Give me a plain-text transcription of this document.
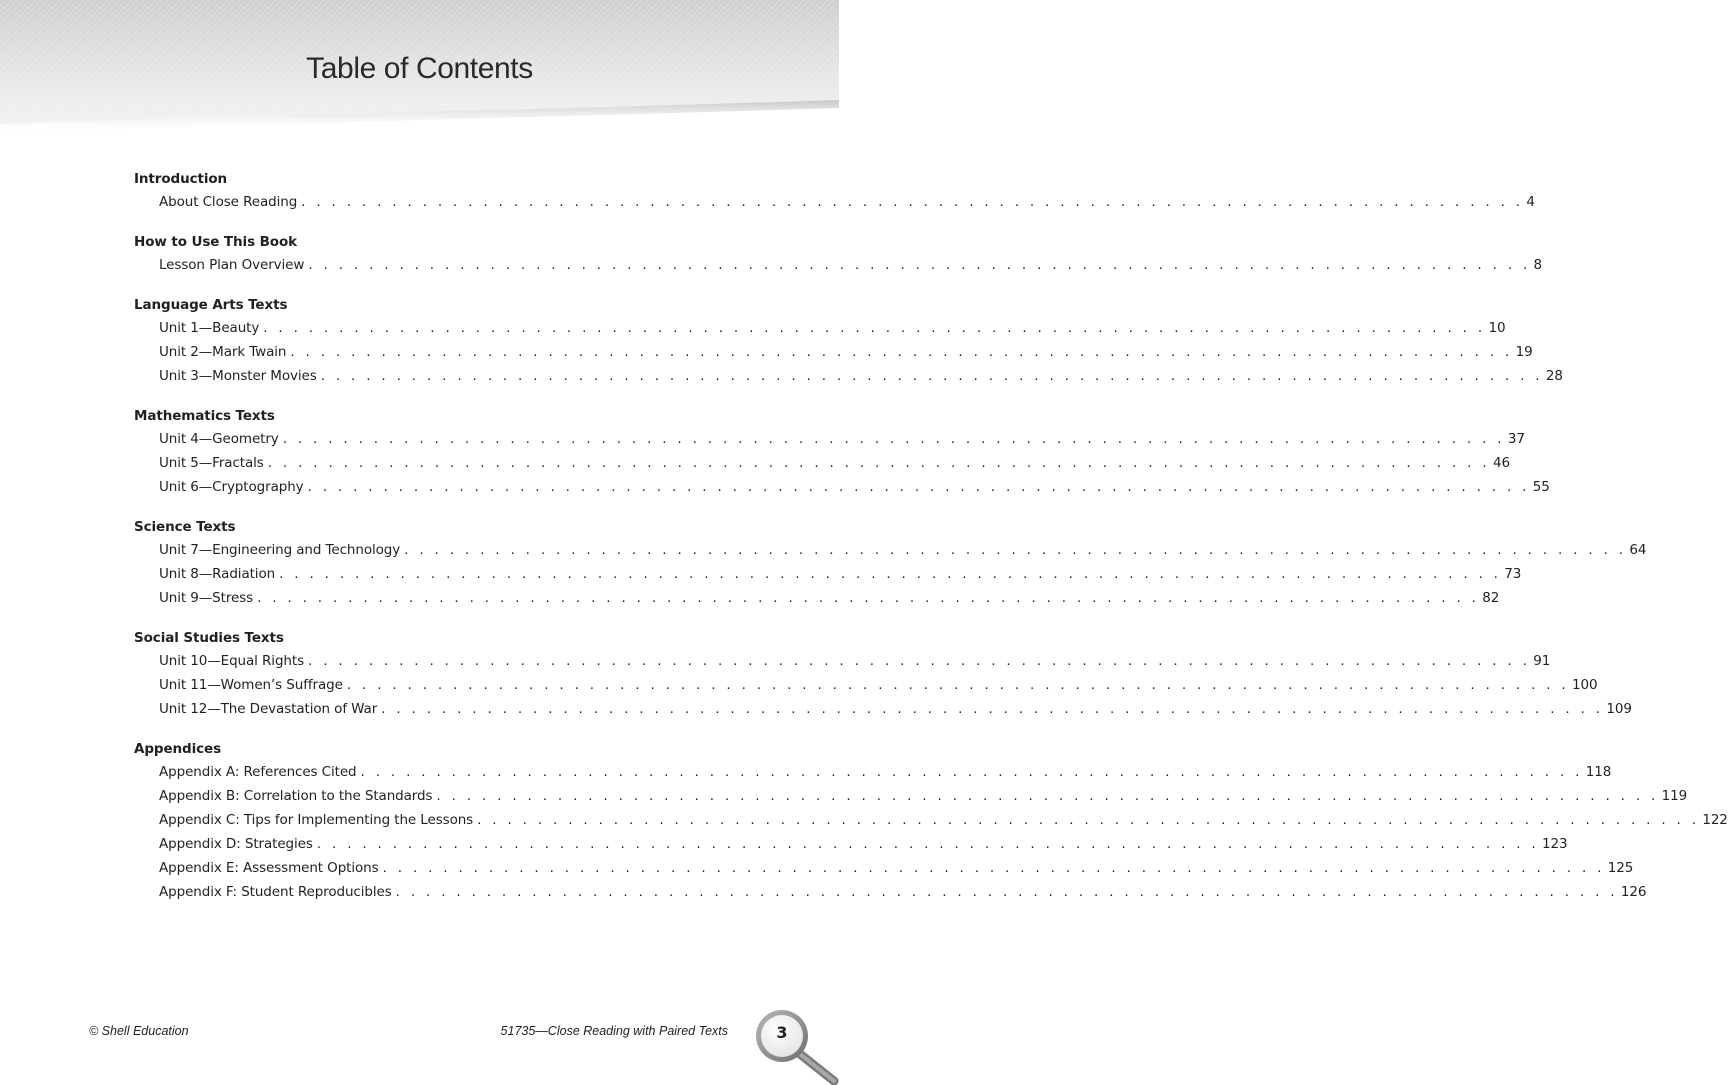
Table of Contents
Introduction
About Close Reading . . . . . . . . . . . . . . . . . . . . . . . . . . . . . . . . . . . . . . . . . . . . . . . . . . . . . . . . . . . . . . . . . . . . . . . . . . . . . . . . . 4
How to Use This Book
Lesson Plan Overview . . . . . . . . . . . . . . . . . . . . . . . . . . . . . . . . . . . . . . . . . . . . . . . . . . . . . . . . . . . . . . . . . . . . . . . . . . . . . . . . . 8
Language Arts Texts
Unit 1—Beauty . . . . . . . . . . . . . . . . . . . . . . . . . . . . . . . . . . . . . . . . . . . . . . . . . . . . . . . . . . . . . . . . . . . . . . . . . . . . . . . . . 10
Unit 2—Mark Twain . . . . . . . . . . . . . . . . . . . . . . . . . . . . . . . . . . . . . . . . . . . . . . . . . . . . . . . . . . . . . . . . . . . . . . . . . . . . . . . . . 19
Unit 3—Monster Movies . . . . . . . . . . . . . . . . . . . . . . . . . . . . . . . . . . . . . . . . . . . . . . . . . . . . . . . . . . . . . . . . . . . . . . . . . . . . . . . . . 28
Mathematics Texts
Unit 4—Geometry . . . . . . . . . . . . . . . . . . . . . . . . . . . . . . . . . . . . . . . . . . . . . . . . . . . . . . . . . . . . . . . . . . . . . . . . . . . . . . . . . 37
Unit 5—Fractals . . . . . . . . . . . . . . . . . . . . . . . . . . . . . . . . . . . . . . . . . . . . . . . . . . . . . . . . . . . . . . . . . . . . . . . . . . . . . . . . . 46
Unit 6—Cryptography . . . . . . . . . . . . . . . . . . . . . . . . . . . . . . . . . . . . . . . . . . . . . . . . . . . . . . . . . . . . . . . . . . . . . . . . . . . . . . . . . 55
Science Texts
Unit 7—Engineering and Technology . . . . . . . . . . . . . . . . . . . . . . . . . . . . . . . . . . . . . . . . . . . . . . . . . . . . . . . . . . . . . . . . . . . . . . . . . . . . . . . . . 64
Unit 8—Radiation . . . . . . . . . . . . . . . . . . . . . . . . . . . . . . . . . . . . . . . . . . . . . . . . . . . . . . . . . . . . . . . . . . . . . . . . . . . . . . . . . 73
Unit 9—Stress . . . . . . . . . . . . . . . . . . . . . . . . . . . . . . . . . . . . . . . . . . . . . . . . . . . . . . . . . . . . . . . . . . . . . . . . . . . . . . . . . 82
Social Studies Texts
Unit 10—Equal Rights . . . . . . . . . . . . . . . . . . . . . . . . . . . . . . . . . . . . . . . . . . . . . . . . . . . . . . . . . . . . . . . . . . . . . . . . . . . . . . . . . 91
Unit 11—Women’s Suffrage . . . . . . . . . . . . . . . . . . . . . . . . . . . . . . . . . . . . . . . . . . . . . . . . . . . . . . . . . . . . . . . . . . . . . . . . . . . . . . . . . 100
Unit 12—The Devastation of War . . . . . . . . . . . . . . . . . . . . . . . . . . . . . . . . . . . . . . . . . . . . . . . . . . . . . . . . . . . . . . . . . . . . . . . . . . . . . . . . . 109
Appendices
Appendix A: References Cited . . . . . . . . . . . . . . . . . . . . . . . . . . . . . . . . . . . . . . . . . . . . . . . . . . . . . . . . . . . . . . . . . . . . . . . . . . . . . . . . . 118
Appendix B: Correlation to the Standards . . . . . . . . . . . . . . . . . . . . . . . . . . . . . . . . . . . . . . . . . . . . . . . . . . . . . . . . . . . . . . . . . . . . . . . . . . . . . . . . . 119
Appendix C: Tips for Implementing the Lessons . . . . . . . . . . . . . . . . . . . . . . . . . . . . . . . . . . . . . . . . . . . . . . . . . . . . . . . . . . . . . . . . . . . . . . . . . . . . . . . . . 122
Appendix D: Strategies . . . . . . . . . . . . . . . . . . . . . . . . . . . . . . . . . . . . . . . . . . . . . . . . . . . . . . . . . . . . . . . . . . . . . . . . . . . . . . . . . 123
Appendix E: Assessment Options . . . . . . . . . . . . . . . . . . . . . . . . . . . . . . . . . . . . . . . . . . . . . . . . . . . . . . . . . . . . . . . . . . . . . . . . . . . . . . . . . 125
Appendix F: Student Reproducibles . . . . . . . . . . . . . . . . . . . . . . . . . . . . . . . . . . . . . . . . . . . . . . . . . . . . . . . . . . . . . . . . . . . . . . . . . . . . . . . . . 126
© Shell Education	51735—Close Reading with Paired Texts	3
